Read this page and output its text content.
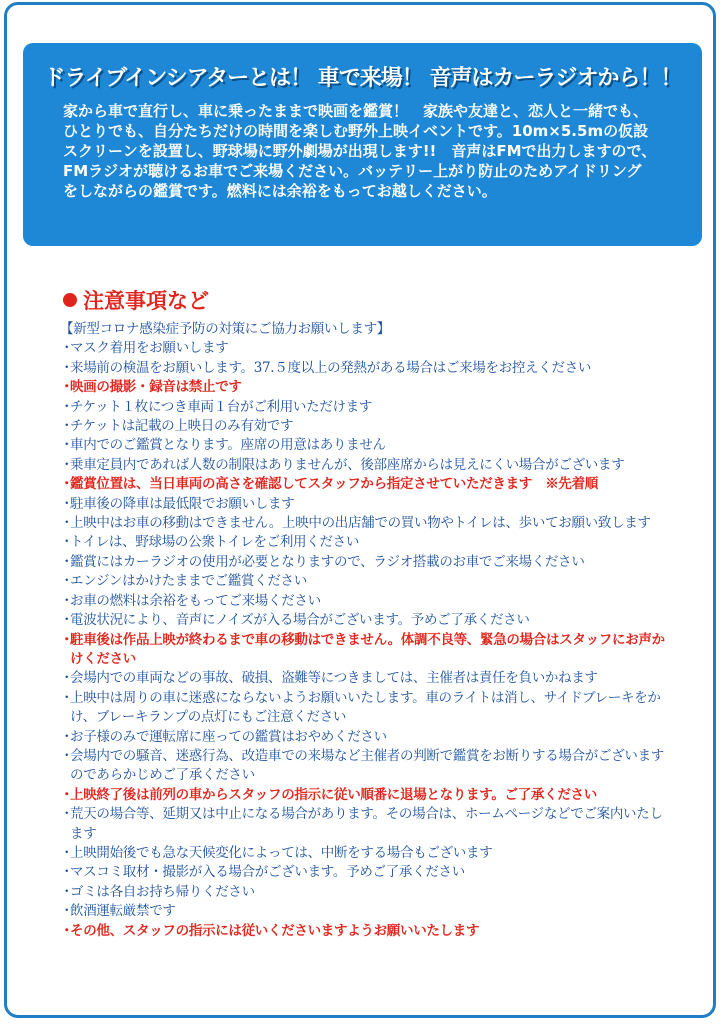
ドライブインシアターとは！ 車で来場！ 音声はカーラジオから！！
家から車で直行し、車に乗ったままで映画を鑑賞！　家族や友達と、恋人と一緒でも、
ひとりでも、自分たちだけの時間を楽しむ野外上映イベントです。10m×5.5mの仮設
スクリーンを設置し、野球場に野外劇場が出現します!!　音声はFMで出力しますので、
FMラジオが聴けるお車でご来場ください。バッテリー上がり防止のためアイドリング
をしながらの鑑賞です。燃料には余裕をもってお越しください。
日高村のおいしいお店の出店もあります。お楽しみください!!
注意事項など
【新型コロナ感染症予防の対策にご協力お願いします】
・
マスク着用をお願いします
・
来場前の検温をお願いします。37.５度以上の発熱がある場合はご来場をお控えください
・
映画の撮影・録音は禁止です
・
チケット１枚につき車両１台がご利用いただけます
・
チケットは記載の上映日のみ有効です
・
車内でのご鑑賞となります。座席の用意はありません
・
乗車定員内であれば人数の制限はありませんが、後部座席からは見えにくい場合がございます
・
鑑賞位置は、当日車両の高さを確認してスタッフから指定させていただきます　※先着順
・
駐車後の降車は最低限でお願いします
・
上映中はお車の移動はできません。上映中の出店舗での買い物やトイレは、歩いてお願い致します
・
トイレは、野球場の公衆トイレをご利用ください
・
鑑賞にはカーラジオの使用が必要となりますので、ラジオ搭載のお車でご来場ください
・
エンジンはかけたままでご鑑賞ください
・
お車の燃料は余裕をもってご来場ください
・
電波状況により、音声にノイズが入る場合がございます。予めご了承ください
・
駐車後は作品上映が終わるまで車の移動はできません。体調不良等、緊急の場合はスタッフにお声かけください
・
会場内での車両などの事故、破損、盗難等につきましては、主催者は責任を負いかねます
・
上映中は周りの車に迷惑にならないようお願いいたします。車のライトは消し、サイドブレーキをかけ、ブレーキランプの点灯にもご注意ください
・
お子様のみで運転席に座っての鑑賞はおやめください
・
会場内での騒音、迷惑行為、改造車での来場など主催者の判断で鑑賞をお断りする場合がございますのであらかじめご了承ください
・
上映終了後は前列の車からスタッフの指示に従い順番に退場となります。ご了承ください
・
荒天の場合等、延期又は中止になる場合があります。その場合は、ホームページなどでご案内いたします
・
上映開始後でも急な天候変化によっては、中断をする場合もございます
・
マスコミ取材・撮影が入る場合がございます。予めご了承ください
・
ゴミは各自お持ち帰りください
・
飲酒運転厳禁です
・
その他、スタッフの指示には従いくださいますようお願いいたします
